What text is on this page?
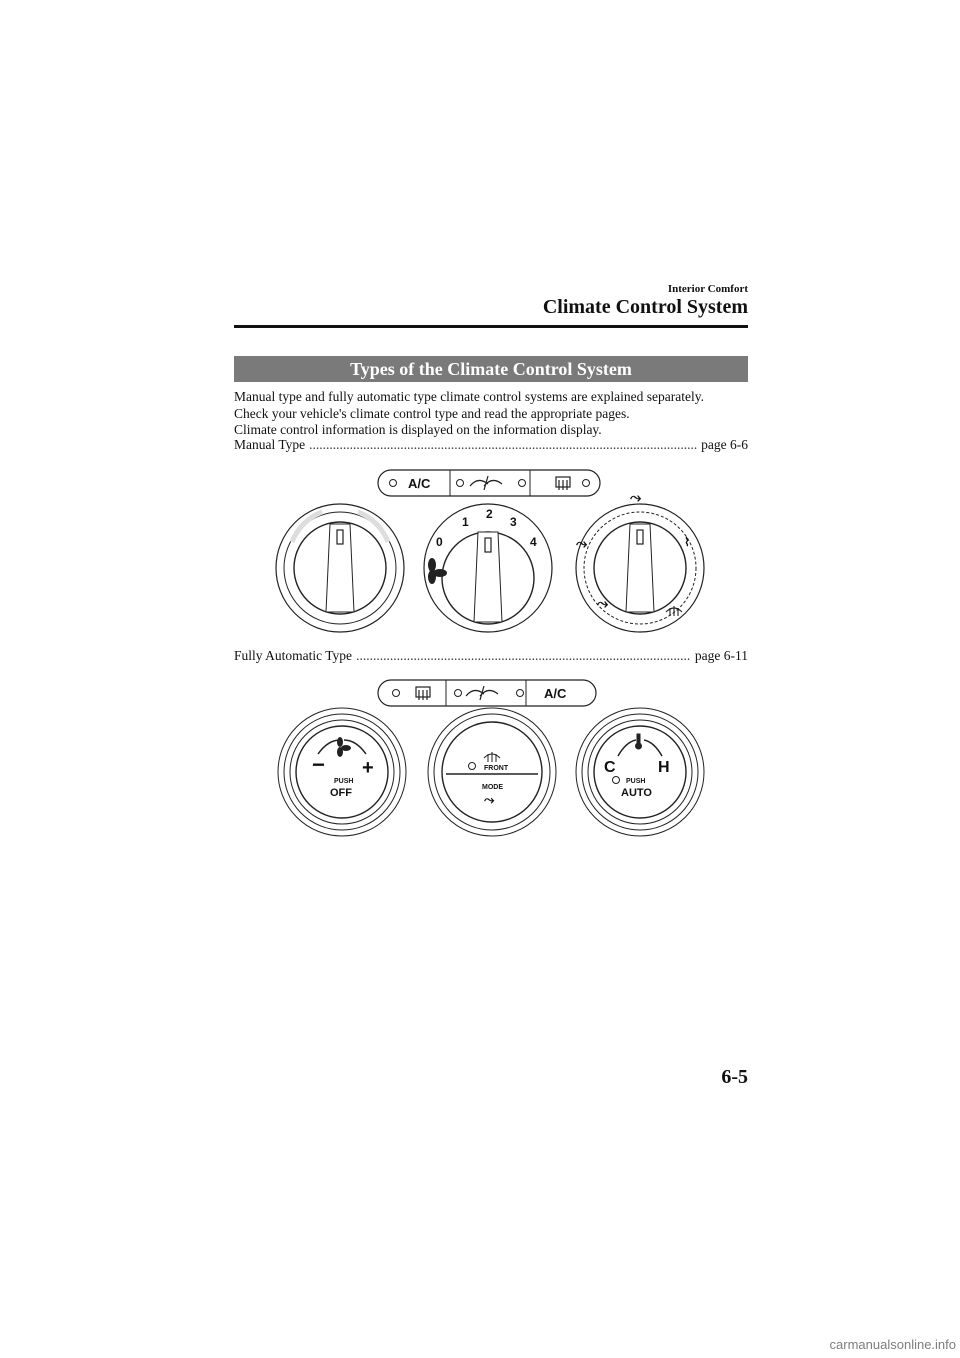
Interior Comfort
Climate Control System
Types of the Climate Control System

Manual type and fully automatic type climate control systems are explained separately.

Check your vehicle's climate control type and read the appropriate pages.

Climate control information is displayed on the information display.

Manual Type .....	page 6-6
A/C
0
1
2
3
4
⤳
⤳	⌇
⤳
Fully Automatic Type .....	page 6-11
A/C
− +
PUSH
OFF
FRONT
MODE
⤳
C	H
PUSH
AUTO
6-5
carmanualsonline.info
